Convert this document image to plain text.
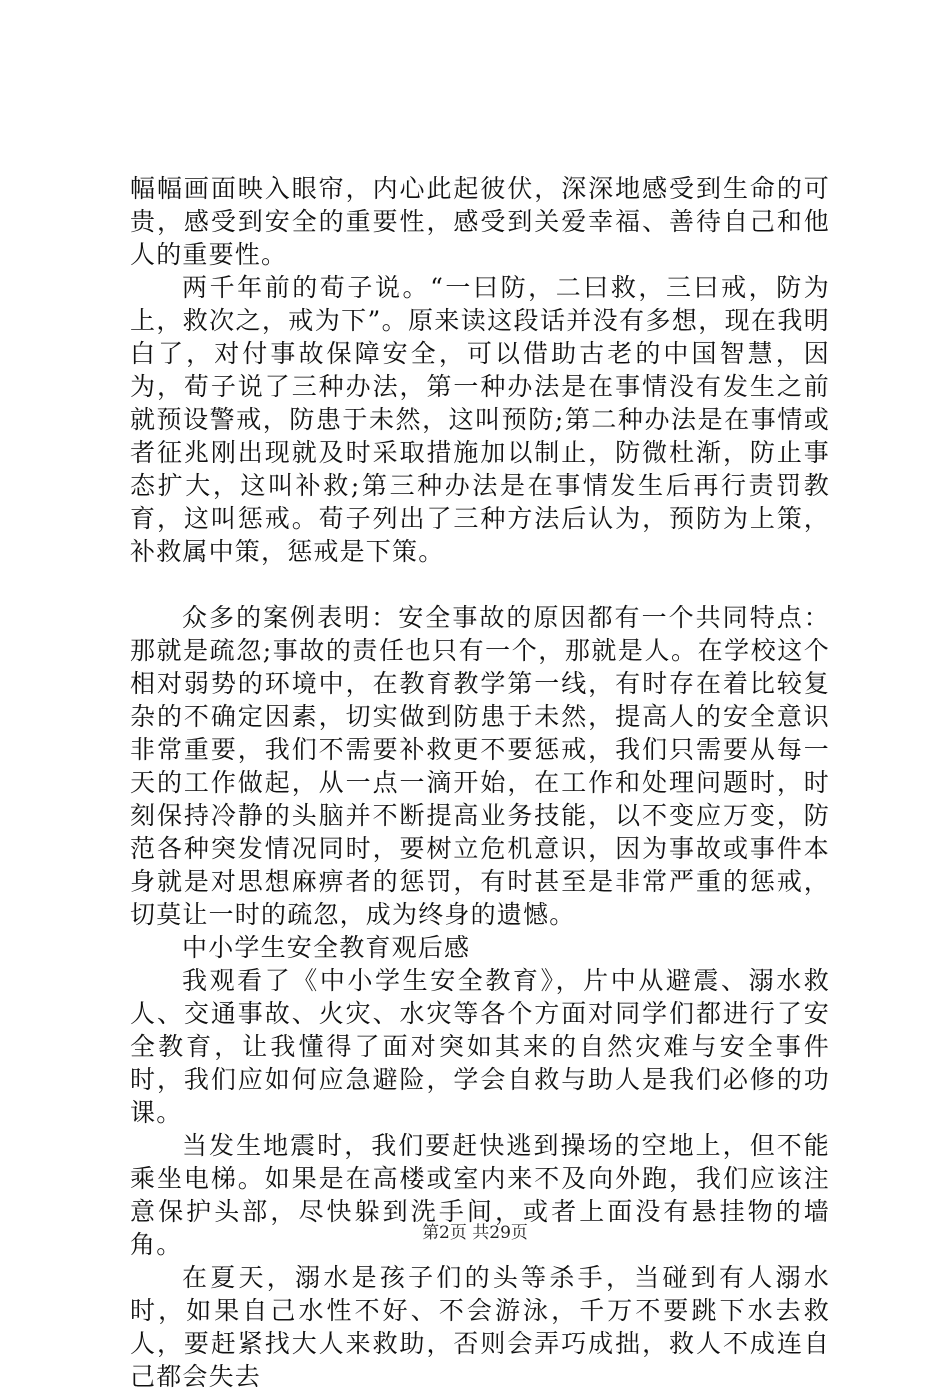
幅幅画面映入眼帘，内心此起彼伏，深深地感受到生命的可贵，感受到安全的重要性，感受到关爱幸福、善待自己和他人的重要性。

两千年前的荀子说。“一曰防，二曰救，三曰戒，防为上，救次之，戒为下”。原来读这段话并没有多想，现在我明白了，对付事故保障安全，可以借助古老的中国智慧，因为，荀子说了三种办法，第一种办法是在事情没有发生之前就预设警戒，防患于未然，这叫预防;第二种办法是在事情或者征兆刚出现就及时采取措施加以制止，防微杜渐，防止事态扩大，这叫补救;第三种办法是在事情发生后再行责罚教育，这叫惩戒。荀子列出了三种方法后认为，预防为上策，补救属中策，惩戒是下策。

众多的案例表明：安全事故的原因都有一个共同特点：那就是疏忽;事故的责任也只有一个，那就是人。在学校这个相对弱势的环境中，在教育教学第一线，有时存在着比较复杂的不确定因素，切实做到防患于未然，提高人的安全意识非常重要，我们不需要补救更不要惩戒，我们只需要从每一天的工作做起，从一点一滴开始，在工作和处理问题时，时刻保持冷静的头脑并不断提高业务技能，以不变应万变，防范各种突发情况同时，要树立危机意识，因为事故或事件本身就是对思想麻痹者的惩罚，有时甚至是非常严重的惩戒，切莫让一时的疏忽，成为终身的遗憾。

中小学生安全教育观后感

我观看了《中小学生安全教育》，片中从避震、溺水救人、交通事故、火灾、水灾等各个方面对同学们都进行了安全教育，让我懂得了面对突如其来的自然灾难与安全事件时，我们应如何应急避险，学会自救与助人是我们必修的功课。

当发生地震时，我们要赶快逃到操场的空地上，但不能乘坐电梯。如果是在高楼或室内来不及向外跑，我们应该注意保护头部，尽快躲到洗手间，或者上面没有悬挂物的墙角。

在夏天，溺水是孩子们的头等杀手，当碰到有人溺水时，如果自己水性不好、不会游泳，千万不要跳下水去救人，要赶紧找大人来救助，否则会弄巧成拙，救人不成连自己都会失去

第2页 共29页
